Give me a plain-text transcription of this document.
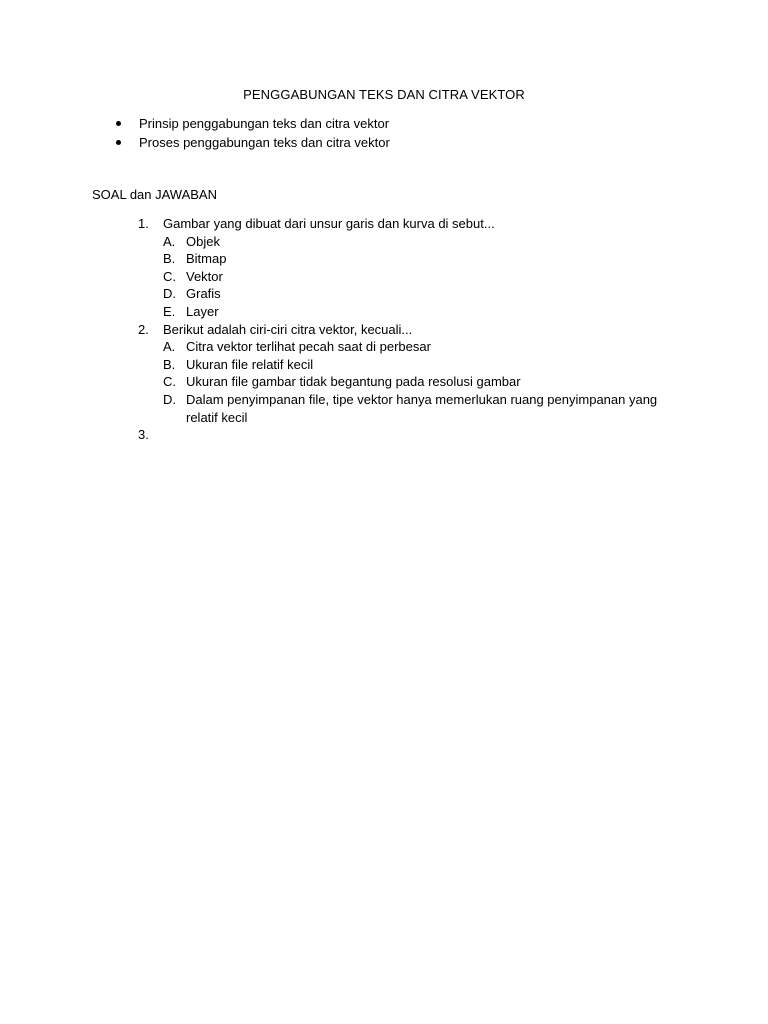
PENGGABUNGAN TEKS DAN CITRA VEKTOR
Prinsip penggabungan teks dan citra vektor
Proses penggabungan teks dan citra vektor
SOAL dan JAWABAN
1. Gambar yang dibuat dari unsur garis dan kurva di sebut...
A. Objek
B. Bitmap
C. Vektor
D. Grafis
E. Layer
2. Berikut adalah ciri-ciri citra vektor, kecuali...
A. Citra vektor terlihat pecah saat di perbesar
B. Ukuran file relatif kecil
C. Ukuran file gambar tidak begantung pada resolusi gambar
D. Dalam penyimpanan file, tipe vektor hanya memerlukan ruang penyimpanan yang relatif kecil
3.
